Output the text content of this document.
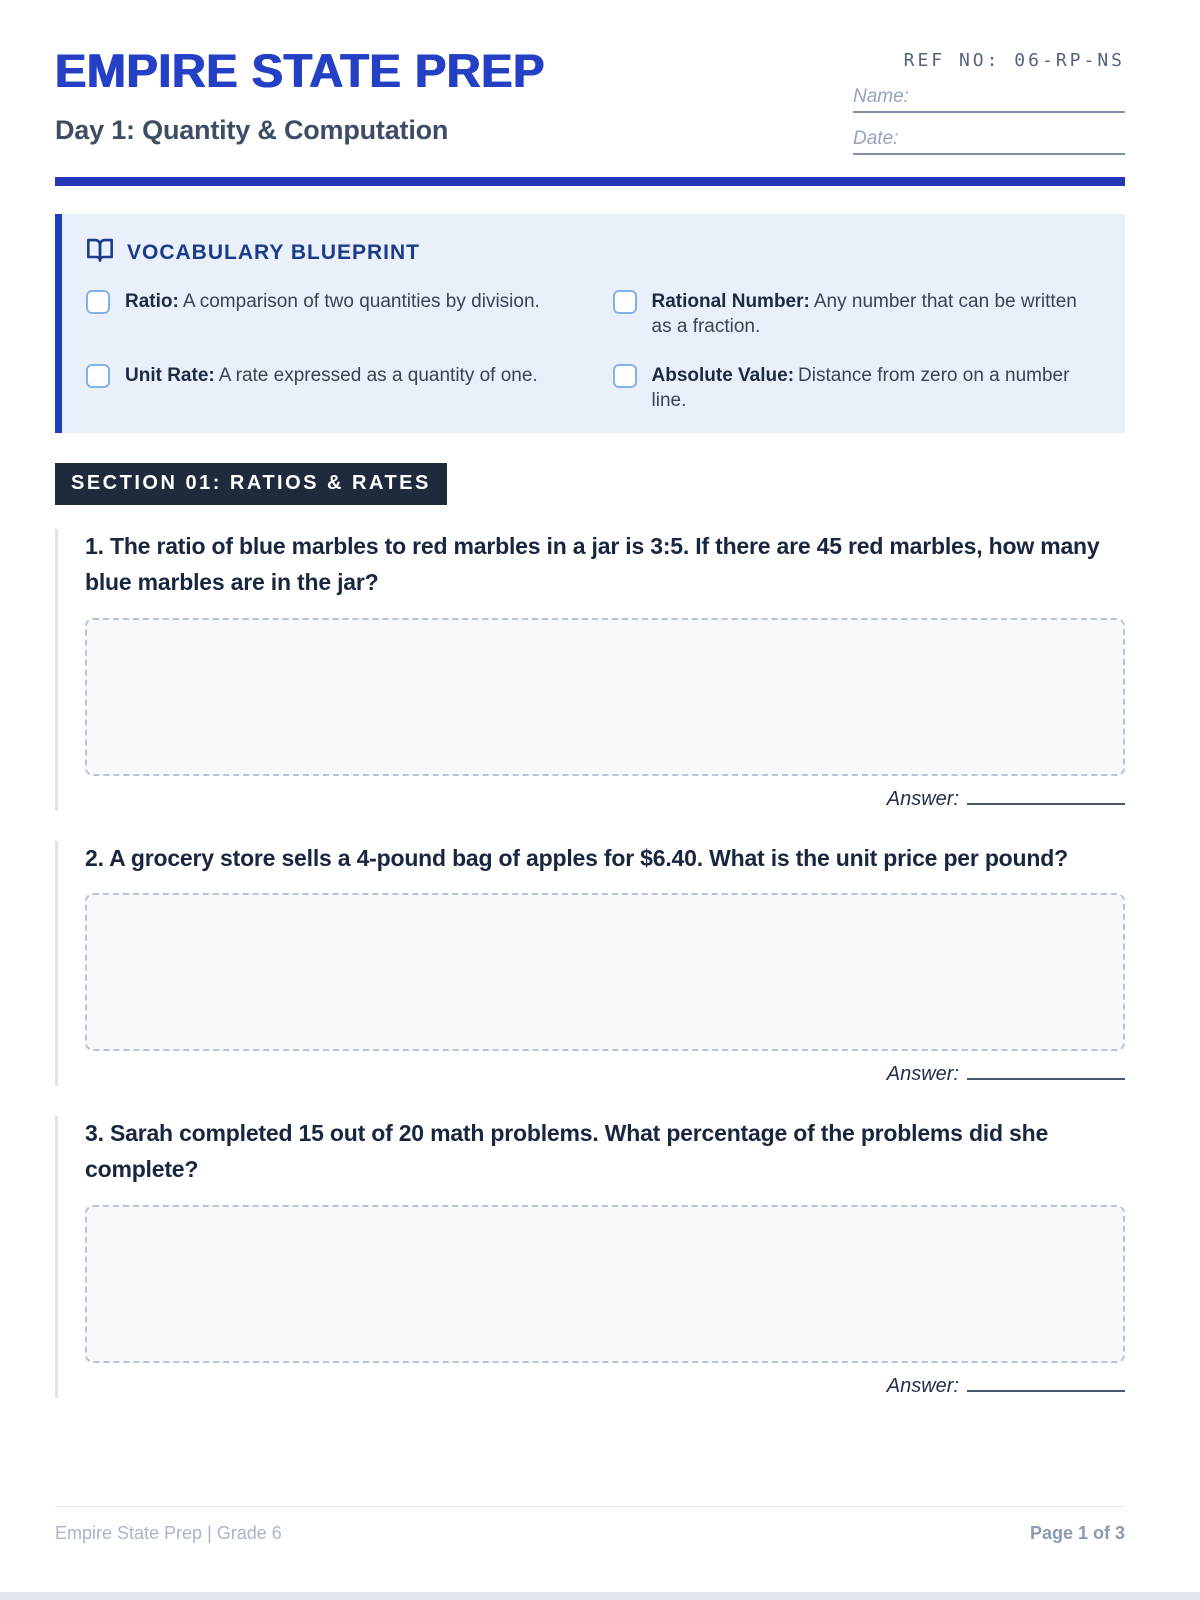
EMPIRE STATE PREP
Day 1: Quantity & Computation
REF NO: 06-RP-NS
Name:
Date:
VOCABULARY BLUEPRINT

Ratio: A comparison of two quantities by division.	Rational Number: Any number that can be written as a fraction.

Unit Rate: A rate expressed as a quantity of one.	Absolute Value: Distance from zero on a number line.

SECTION 01: RATIOS & RATES

1. The ratio of blue marbles to red marbles in a jar is 3:5. If there are 45 red marbles, how many blue marbles are in the jar?

Answer:

2. A grocery store sells a 4-pound bag of apples for $6.40. What is the unit price per pound?

Answer:

3. Sarah completed 15 out of 20 math problems. What percentage of the problems did she complete?

Answer:
Empire State Prep | Grade 6	Page 1 of 3
